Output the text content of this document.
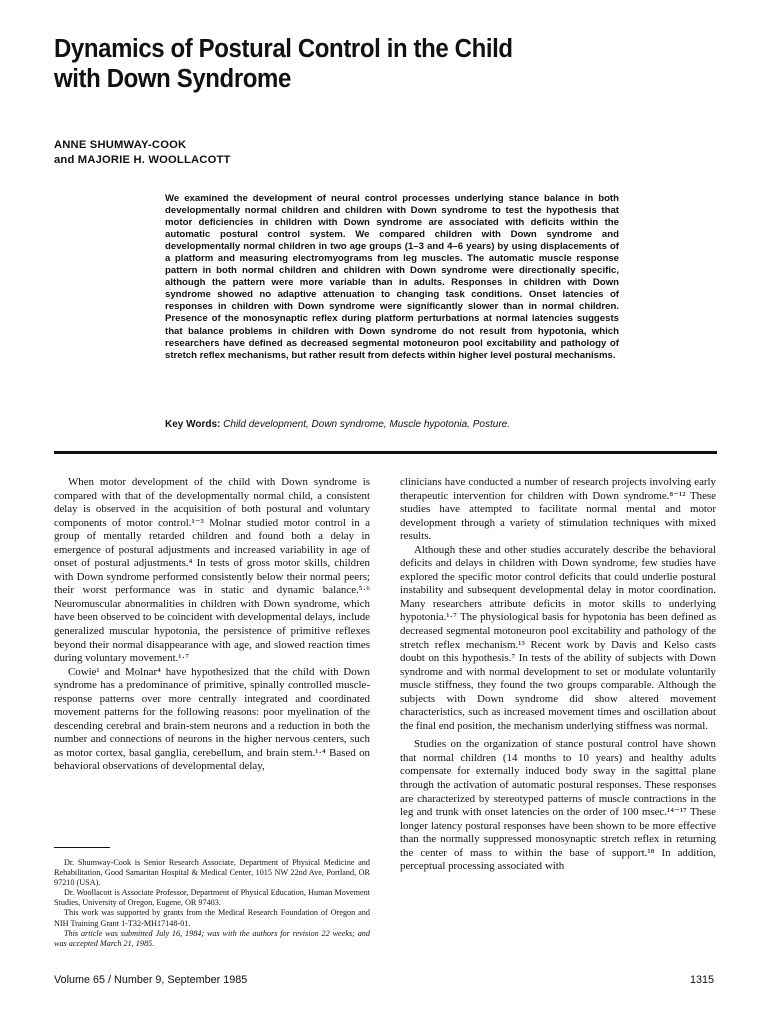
Dynamics of Postural Control in the Child
with Down Syndrome
ANNE SHUMWAY-COOK
and MAJORIE H. WOOLLACOTT

We examined the development of neural control processes underlying stance balance in both developmentally normal children and children with Down syndrome to test the hypothesis that motor deficiencies in children with Down syndrome are associated with deficits within the automatic postural control system. We compared children with Down syndrome and developmentally normal children in two age groups (1–3 and 4–6 years) by using displacements of a platform and measuring electromyograms from leg muscles. The automatic muscle response pattern in both normal children and children with Down syndrome were directionally specific, although the pattern were more variable than in adults. Responses in children with Down syndrome showed no adaptive attenuation to changing task conditions. Onset latencies of responses in children with Down syndrome were significantly slower than in normal children. Presence of the monosynaptic reflex during platform perturbations at normal latencies suggests that balance problems in children with Down syndrome do not result from hypotonia, which researchers have defined as decreased segmental motoneuron pool excitability and pathology of stretch reflex mechanisms, but rather result from defects within higher level postural mechanisms.

Key Words: Child development, Down syndrome, Muscle hypotonia, Posture.

When motor development of the child with Down syndrome is compared with that of the developmentally normal child, a consistent delay is observed in the acquisition of both postural and voluntary components of motor control.¹⁻³ Molnar studied motor control in a group of mentally retarded children and found both a delay in emergence of postural adjustments and increased variability in age of onset of postural adjustments.⁴ In tests of gross motor skills, children with Down syndrome performed consistently below their normal peers; their worst performance was in static and dynamic balance.⁵·⁶ Neuromuscular abnormalities in children with Down syndrome, which have been observed to be coincident with developmental delays, include generalized muscular hypotonia, the persistence of primitive reflexes beyond their normal disappearance with age, and slowed reaction times during voluntary movement.¹·⁷

Cowie¹ and Molnar⁴ have hypothesized that the child with Down syndrome has a predominance of primitive, spinally controlled muscle-response patterns over more centrally integrated and coordinated movement patterns for the following reasons: poor myelination of the descending cerebral and brain-stem neurons and a reduction in both the number and connections of neurons in the higher nervous centers, such as motor cortex, basal ganglia, cerebellum, and brain stem.¹·⁴ Based on behavioral observations of developmental delay,

clinicians have conducted a number of research projects involving early therapeutic intervention for children with Down syndrome.⁸⁻¹² These studies have attempted to facilitate normal mental and motor development through a variety of stimulation techniques with mixed results.

Although these and other studies accurately describe the behavioral deficits and delays in children with Down syndrome, few studies have explored the specific motor control deficits that could underlie postural instability and subsequent developmental delay in motor coordination. Many researchers attribute deficits in motor skills to underlying hypotonia.¹·⁷ The physiological basis for hypotonia has been defined as decreased segmental motoneuron pool excitability and pathology of the stretch reflex mechanism.¹³ Recent work by Davis and Kelso casts doubt on this hypothesis.⁷ In tests of the ability of subjects with Down syndrome and with normal development to set or modulate voluntarily muscle stiffness, they found the two groups comparable. Although the subjects with Down syndrome did show altered movement characteristics, such as increased movement times and oscillation about the final end position, the mechanism underlying stiffness was normal.

Studies on the organization of stance postural control have shown that normal children (14 months to 10 years) and healthy adults compensate for externally induced body sway in the sagittal plane through the activation of automatic postural responses. These responses are characterized by stereotyped patterns of muscle contractions in the leg and trunk with onset latencies on the order of 100 msec.¹⁴⁻¹⁷ These longer latency postural responses have been shown to be more effective than the normally suppressed monosynaptic stretch reflex in returning the center of mass to within the base of support.¹⁸ In addition, perceptual processing associated with

Dr. Shumway-Cook is Senior Research Associate, Department of Physical Medicine and Rehabilitation, Good Samaritan Hospital & Medical Center, 1015 NW 22nd Ave, Portland, OR 97210 (USA).

Dr. Woollacott is Associate Professor, Department of Physical Education, Human Movement Studies, University of Oregon, Eugene, OR 97403.

This work was supported by grants from the Medical Research Foundation of Oregon and NIH Training Grant 1-T32-MH17148-01.

This article was submitted July 16, 1984; was with the authors for revision 22 weeks; and was accepted March 21, 1985.

Volume 65 / Number 9, September 1985	1315
